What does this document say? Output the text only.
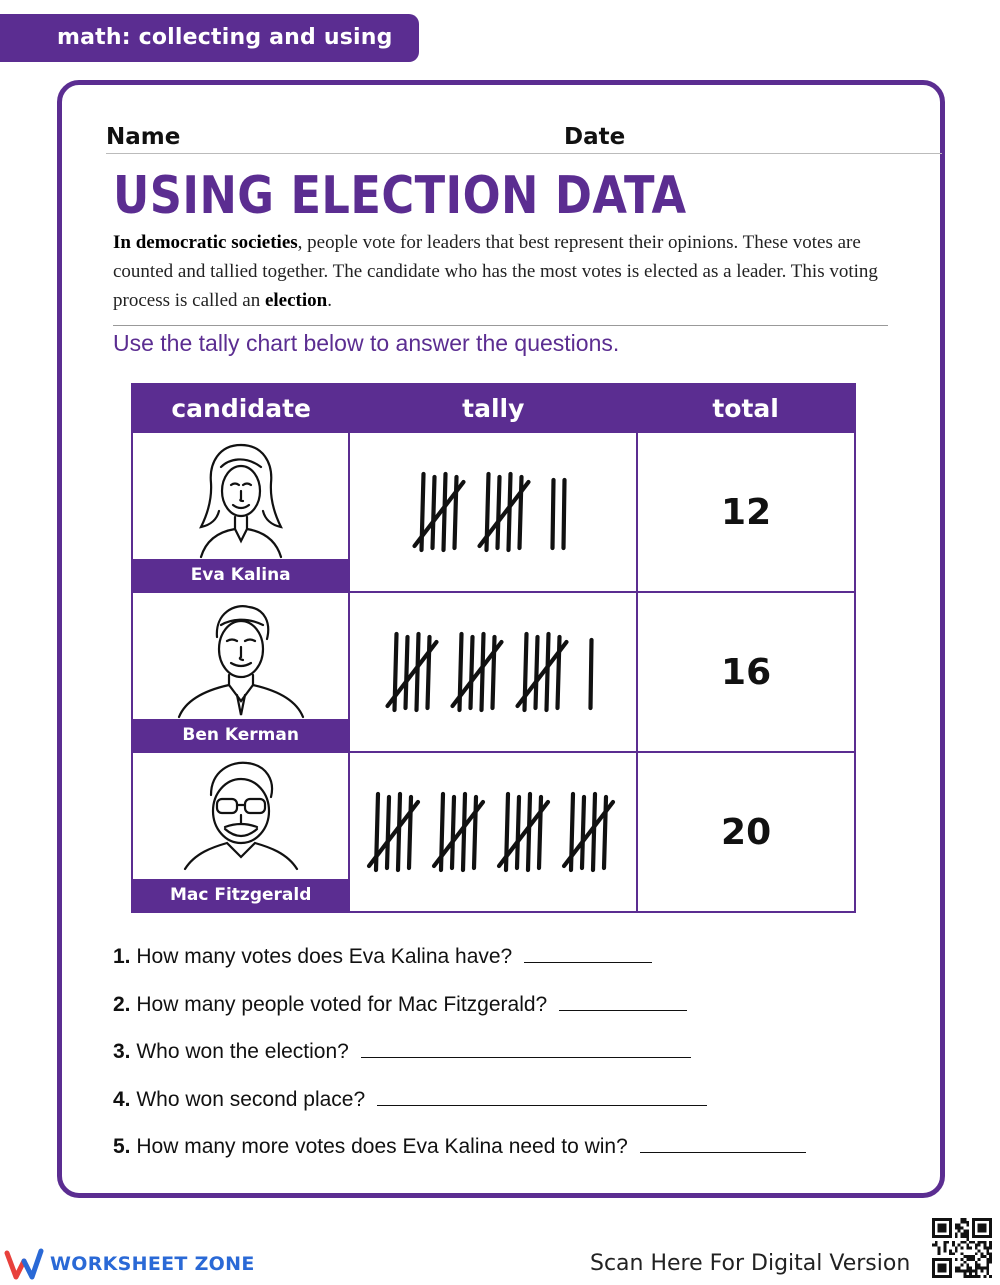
math: collecting and using data
Name	Date
USING ELECTION DATA

In democratic societies, people vote for leaders that best represent their opinions. These votes are counted and tallied together. The candidate who has the most votes is elected as a leader. This voting process is called an election.

Use the tally chart below to answer the questions.
candidate	tally	total

Eva Kalina		12

Ben Kerman		16

Mac Fitzgerald		20
1. How many votes does Eva Kalina have?
2. How many people voted for Mac Fitzgerald?
3. Who won the election?
4. Who won second place?
5. How many more votes does Eva Kalina need to win?
WORKSHEET ZONE	Scan Here For Digital Version
